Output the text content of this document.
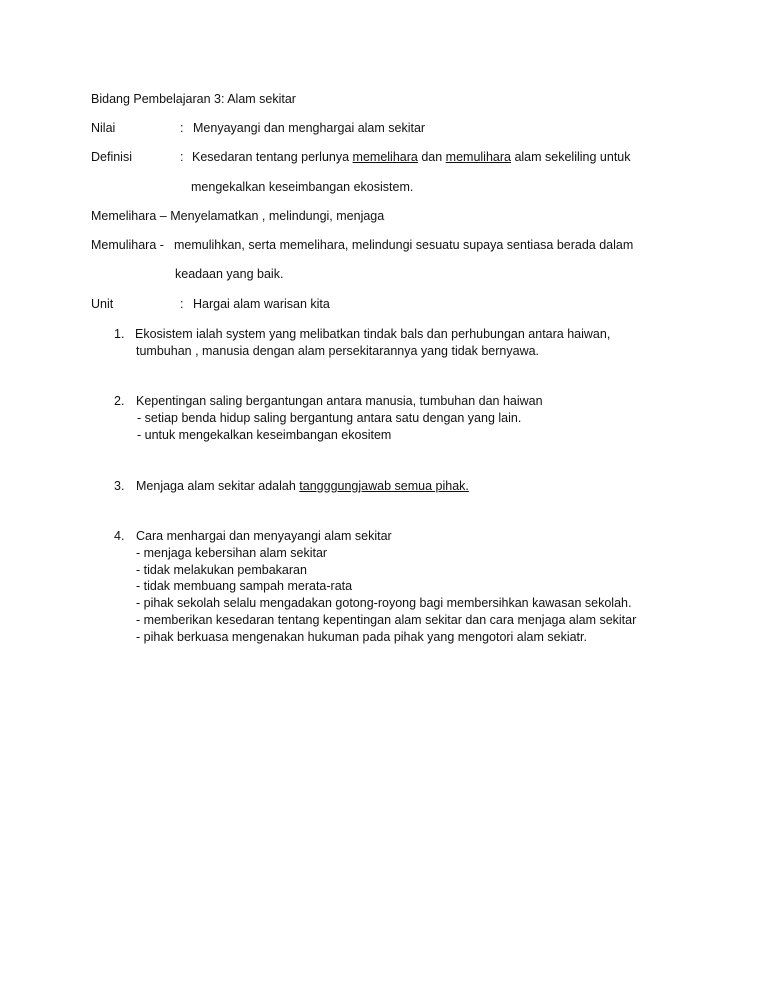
Bidang Pembelajaran 3: Alam sekitar
Nilai	: Menyayangi dan menghargai alam sekitar
Definisi	: Kesedaran tentang perlunya memelihara dan memulihara alam sekeliling untuk
mengekalkan keseimbangan ekosistem.
Memelihara – Menyelamatkan , melindungi, menjaga
Memulihara - memulihkan, serta memelihara, melindungi sesuatu supaya sentiasa berada dalam
keadaan yang baik.
Unit	: Hargai alam warisan kita
1. Ekosistem ialah system yang melibatkan tindak bals dan perhubungan antara haiwan,
tumbuhan , manusia dengan alam persekitarannya yang tidak bernyawa.
2. Kepentingan saling bergantungan antara manusia, tumbuhan dan haiwan
- setiap benda hidup saling bergantung antara satu dengan yang lain.
- untuk mengekalkan keseimbangan ekositem
3. Menjaga alam sekitar adalah tangggungjawab semua pihak.
4. Cara menhargai dan menyayangi alam sekitar
- menjaga kebersihan alam sekitar
- tidak melakukan pembakaran
- tidak membuang sampah merata-rata
- pihak sekolah selalu mengadakan gotong-royong bagi membersihkan kawasan sekolah.
- memberikan kesedaran tentang kepentingan alam sekitar dan cara menjaga alam sekitar
- pihak berkuasa mengenakan hukuman pada pihak yang mengotori alam sekiatr.
